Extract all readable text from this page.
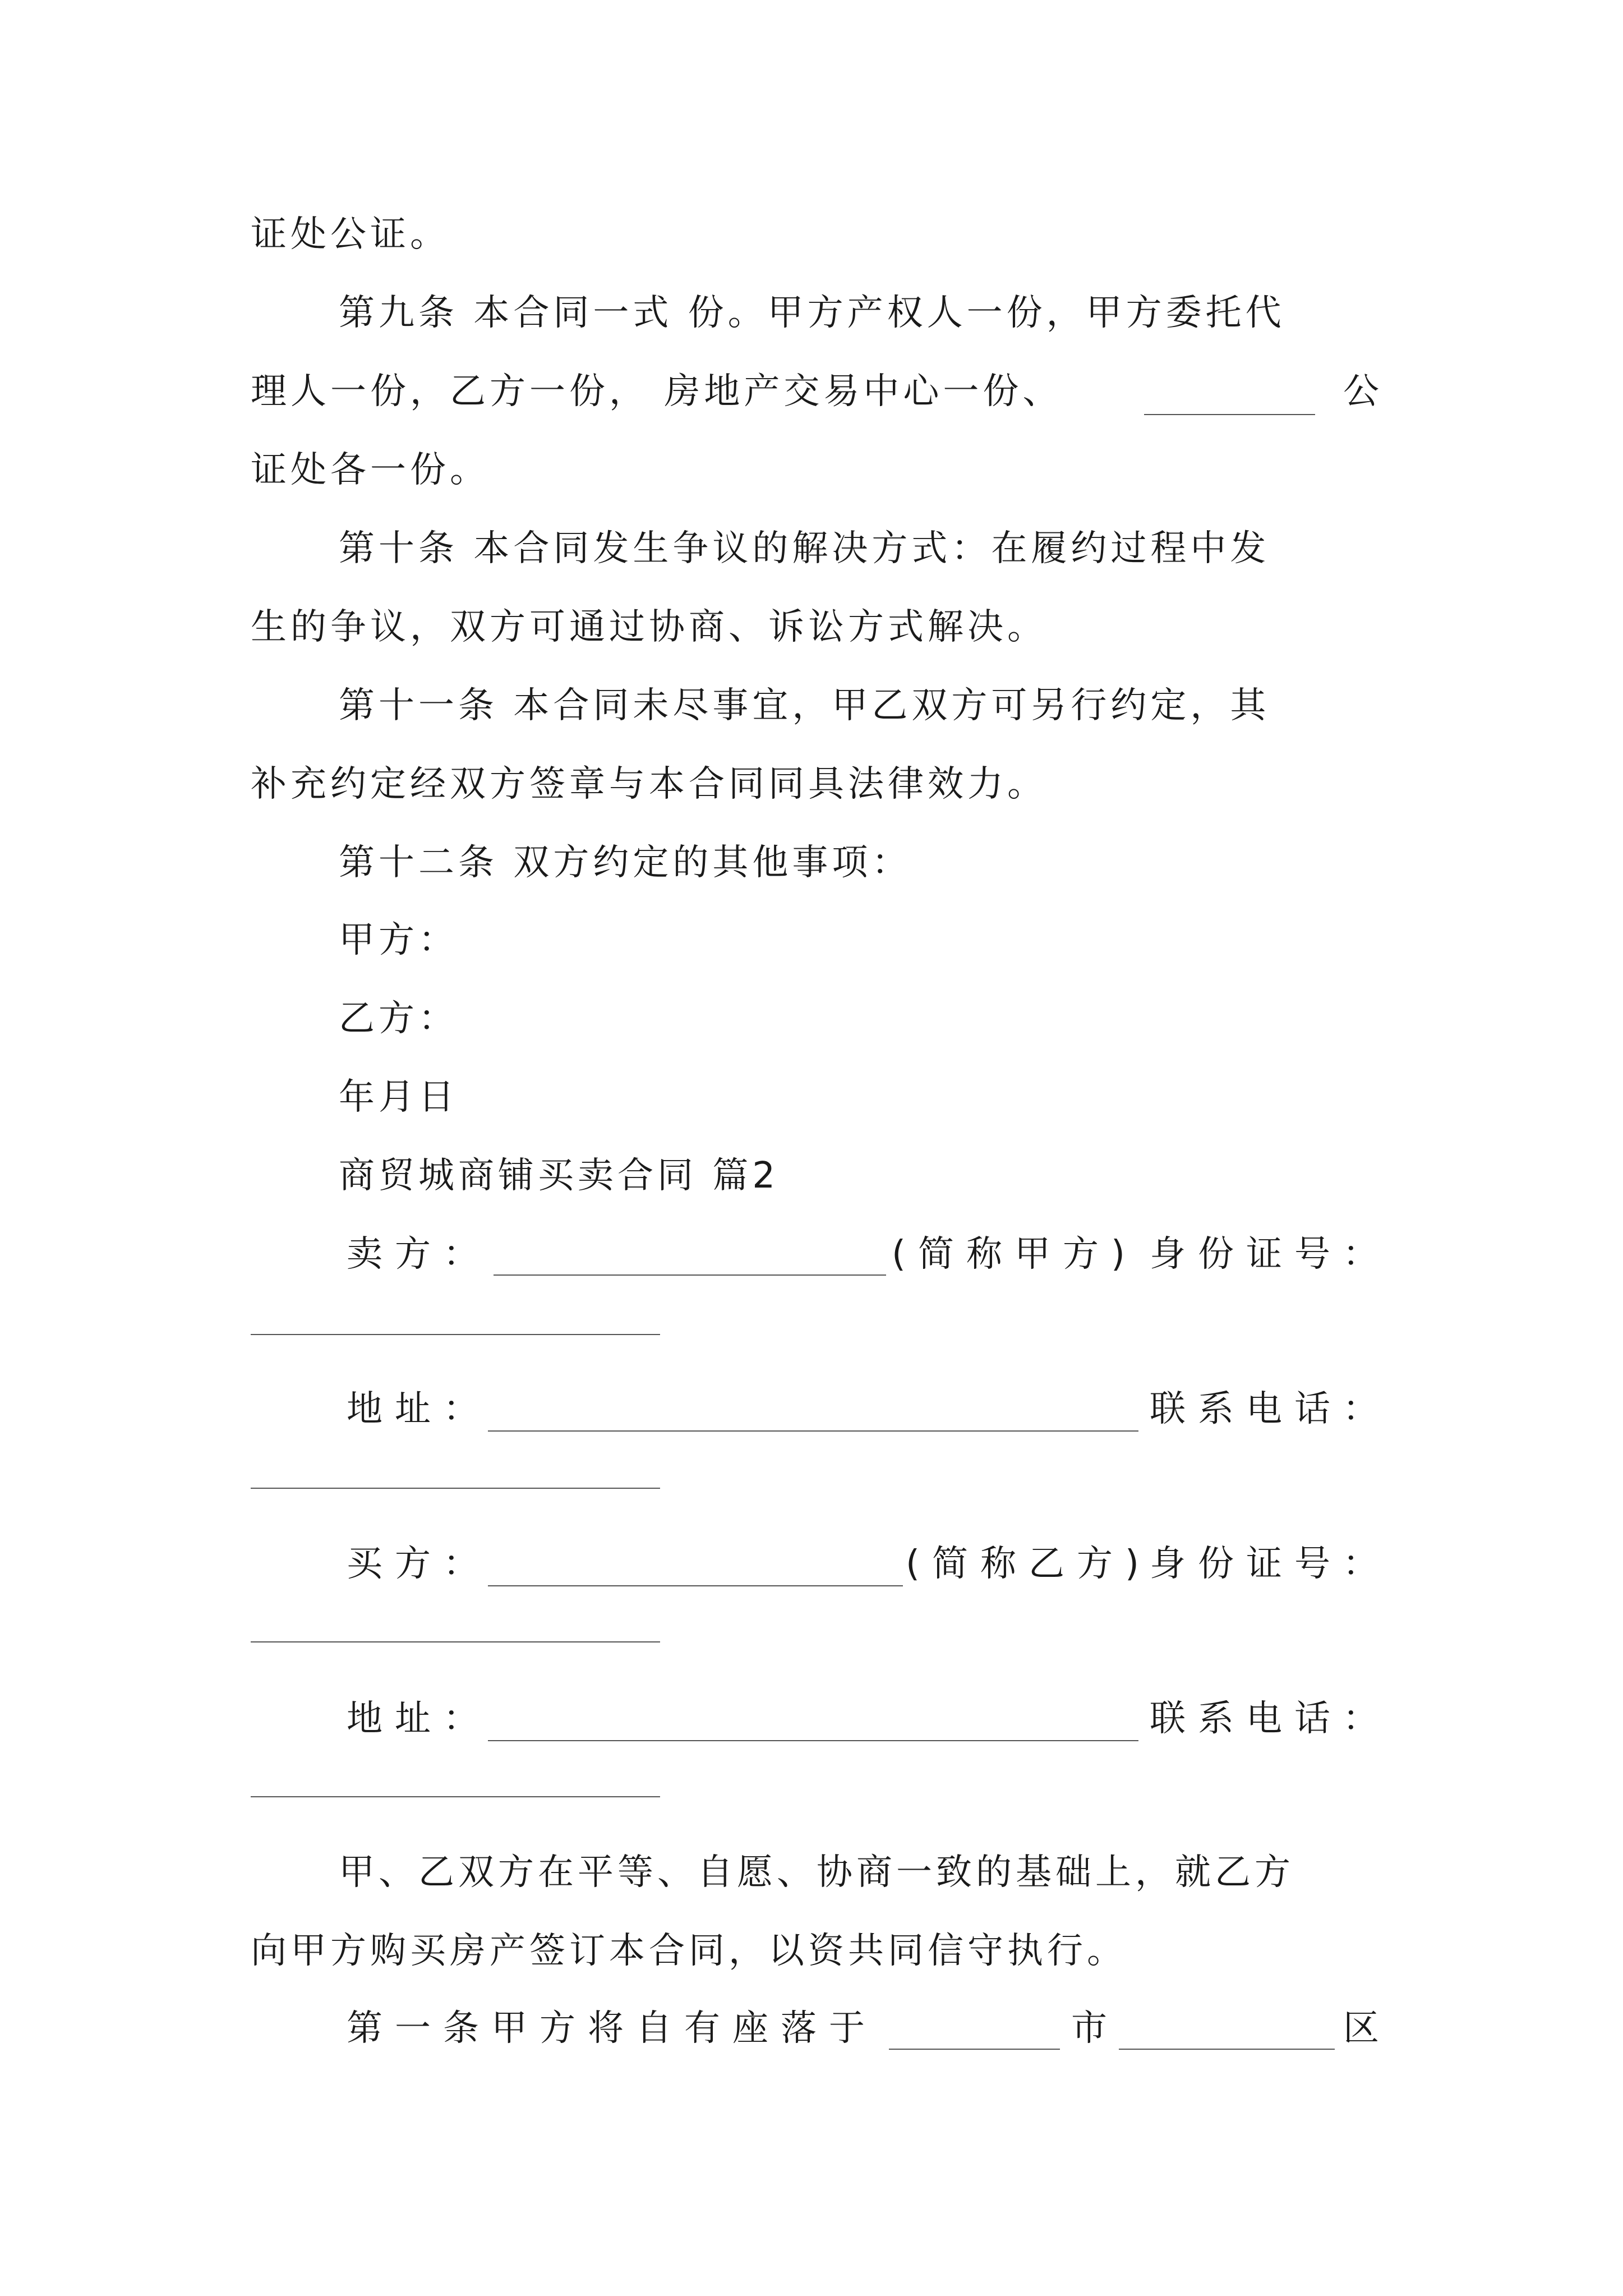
证处公证。
第九条 本合同一式 份。甲方产权人一份，甲方委托代
理人一份，乙方一份， 房地产交易中心一份、	公
证处各一份。
第十条 本合同发生争议的解决方式：在履约过程中发
生的争议，双方可通过协商、诉讼方式解决。
第十一条 本合同未尽事宜，甲乙双方可另行约定，其
补充约定经双方签章与本合同同具法律效力。
第十二条 双方约定的其他事项：
甲方：
乙方：
年月日
商贸城商铺买卖合同 篇2
卖方：	(简称甲方) 身份证号：
地址：	联系电话：
买方：	(简称乙方)
身份证号：
地址：	联系电话：
甲、乙双方在平等、自愿、协商一致的基础上，就乙方
向甲方购买房产签订本合同，以资共同信守执行。
第一条甲方将自有座落于	市	区
